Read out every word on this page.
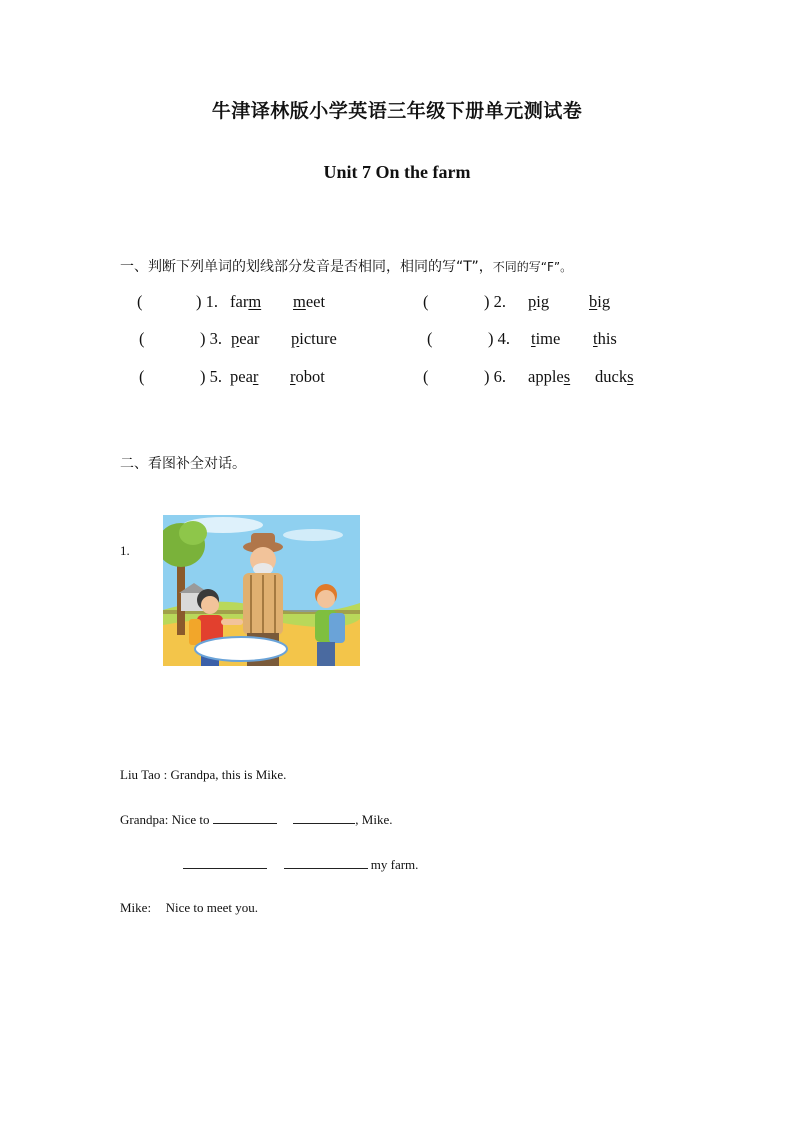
牛津译林版小学英语三年级下册单元测试卷
Unit 7 On the farm
一、判断下列单词的划线部分发音是否相同，相同的写“T”，不同的写“F”。
(	) 1. farm meet	(	) 2. pig big
(	) 3. pear picture	(	) 4. time this
(	) 5. pear robot	(	) 6. apples ducks
二、看图补全对话。
1.
Liu Tao : Grandpa, this is Mike.
Grandpa: Nice to	, Mike.
my farm.
Mike: Nice to meet you.
